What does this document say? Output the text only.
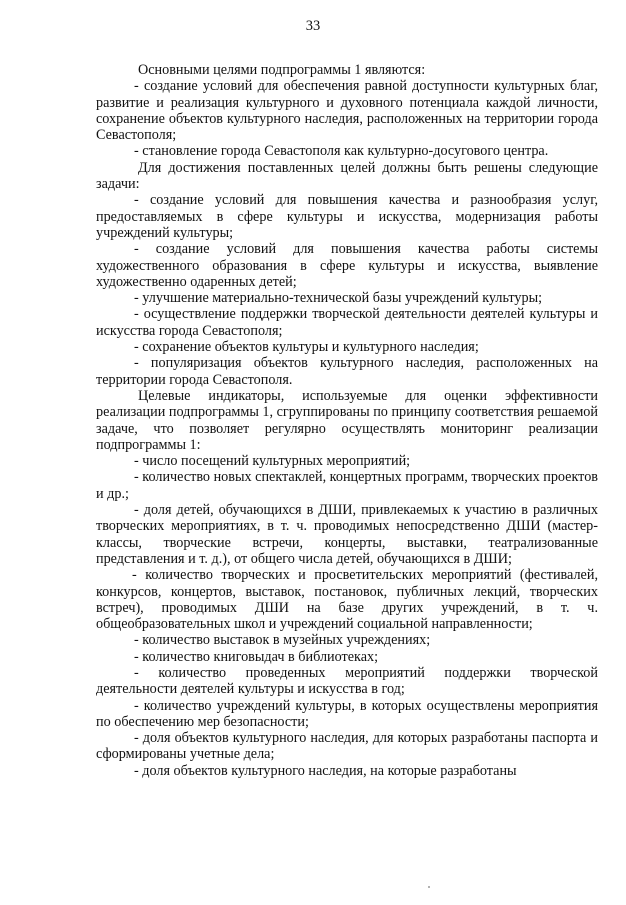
33

Основными целями подпрограммы 1 являются:

- создание условий для обеспечения равной доступности культурных благ, развитие и реализация культурного и духовного потенциала каждой личности, сохранение объектов культурного наследия, расположенных на территории города Севастополя;

- становление города Севастополя как культурно-досугового центра.

Для достижения поставленных целей должны быть решены следующие задачи:

- создание условий для повышения качества и разнообразия услуг, предоставляемых в сфере культуры и искусства, модернизация работы учреждений культуры;

- создание условий для повышения качества работы системы художественного образования в сфере культуры и искусства, выявление художественно одаренных детей;

- улучшение материально-технической базы учреждений культуры;

- осуществление поддержки творческой деятельности деятелей культуры и искусства города Севастополя;

- сохранение объектов культуры и культурного наследия;

- популяризация объектов культурного наследия, расположенных на территории города Севастополя.

Целевые индикаторы, используемые для оценки эффективности реализации подпрограммы 1, сгруппированы по принципу соответствия решаемой задаче, что позволяет регулярно осуществлять мониторинг реализации подпрограммы 1:

- число посещений культурных мероприятий;

- количество новых спектаклей, концертных программ, творческих проектов и др.;

- доля детей, обучающихся в ДШИ, привлекаемых к участию в различных творческих мероприятиях, в т. ч. проводимых непосредственно ДШИ (мастер-классы, творческие встречи, концерты, выставки, театрализованные представления и т. д.), от общего числа детей, обучающихся в ДШИ;

- количество творческих и просветительских мероприятий (фестивалей, конкурсов, концертов, выставок, постановок, публичных лекций, творческих встреч), проводимых ДШИ на базе других учреждений, в т. ч. общеобразовательных школ и учреждений социальной направленности;

- количество выставок в музейных учреждениях;

- количество книговыдач в библиотеках;

- количество проведенных мероприятий поддержки творческой деятельности деятелей культуры и искусства в год;

- количество учреждений культуры, в которых осуществлены мероприятия по обеспечению мер безопасности;

- доля объектов культурного наследия, для которых разработаны паспорта и сформированы учетные дела;

- доля объектов культурного наследия, на которые разработаны
